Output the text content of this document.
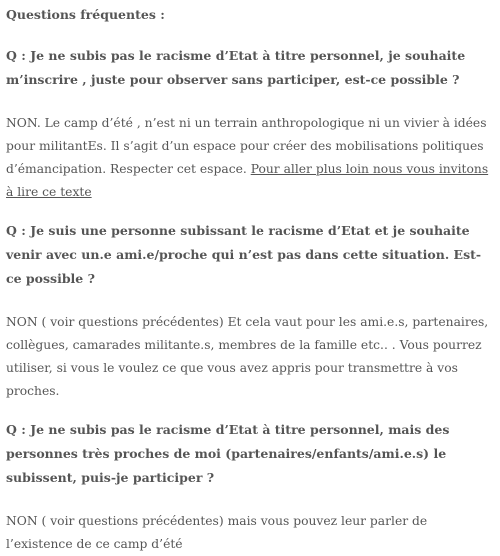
Questions fréquentes :

Q : Je ne subis pas le racisme d’Etat à titre personnel, je souhaite m’inscrire , juste pour observer sans participer, est-ce possible ?

NON. Le camp d’été , n’est ni un terrain anthropologique ni un vivier à idées pour militantEs. Il s’agit d’un espace pour créer des mobilisations politiques d’émancipation. Respecter cet espace. Pour aller plus loin nous vous invitons à lire ce texte

Q : Je suis une personne subissant le racisme d’Etat et je souhaite venir avec un.e ami.e/proche qui n’est pas dans cette situation. Est-ce possible ?

NON ( voir questions précédentes) Et cela vaut pour les ami.e.s, partenaires, collègues, camarades militante.s, membres de la famille etc.. . Vous pourrez utiliser, si vous le voulez ce que vous avez appris pour transmettre à vos proches.

Q : Je ne subis pas le racisme d’Etat à titre personnel, mais des personnes très proches de moi (partenaires/enfants/ami.e.s) le subissent, puis-je participer ?

NON ( voir questions précédentes) mais vous pouvez leur parler de l’existence de ce camp d’été
